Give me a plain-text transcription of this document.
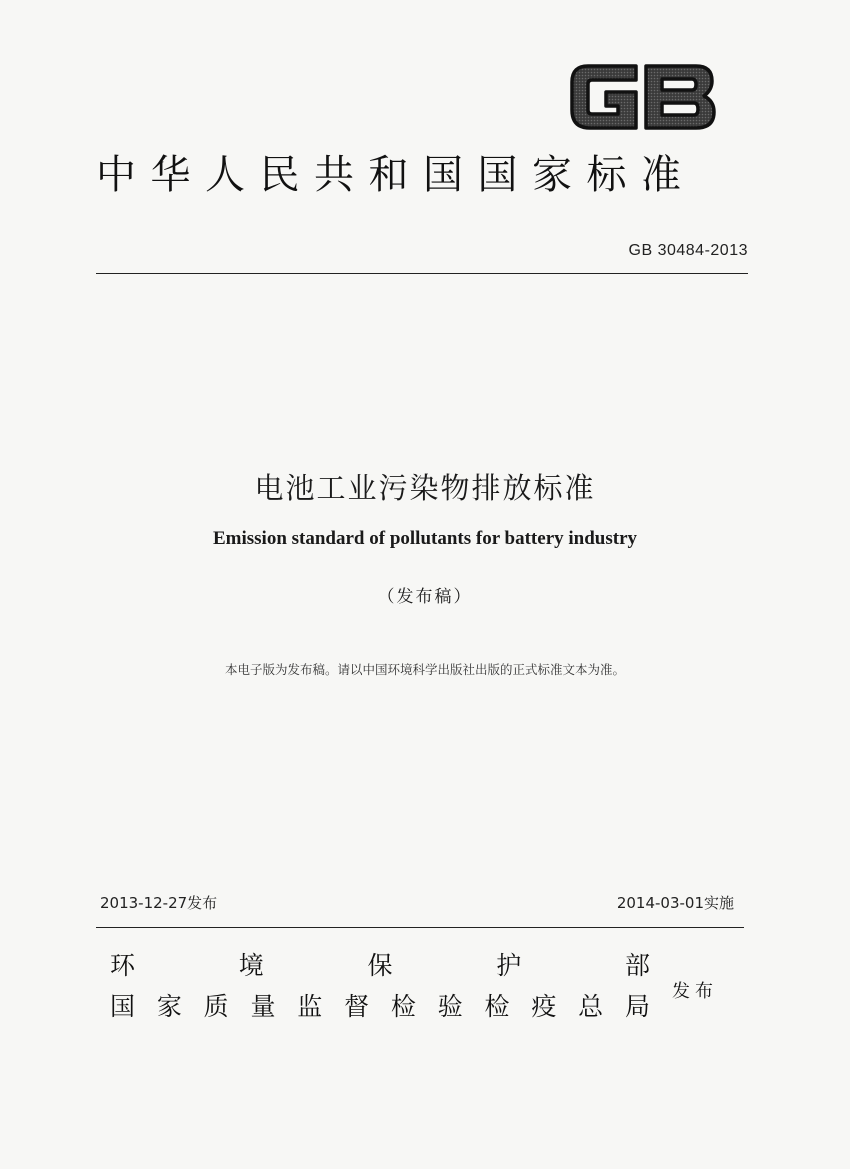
中华人民共和国国家标准
GB 30484-2013
电池工业污染物排放标准
Emission standard of pollutants for battery industry
（发布稿）
本电子版为发布稿。请以中国环境科学出版社出版的正式标准文本为准。
2013-12-27发布	2014-03-01实施
环	境	保	护	部
国 家 质 量 监 督 检 验 检 疫 总 局
发布
